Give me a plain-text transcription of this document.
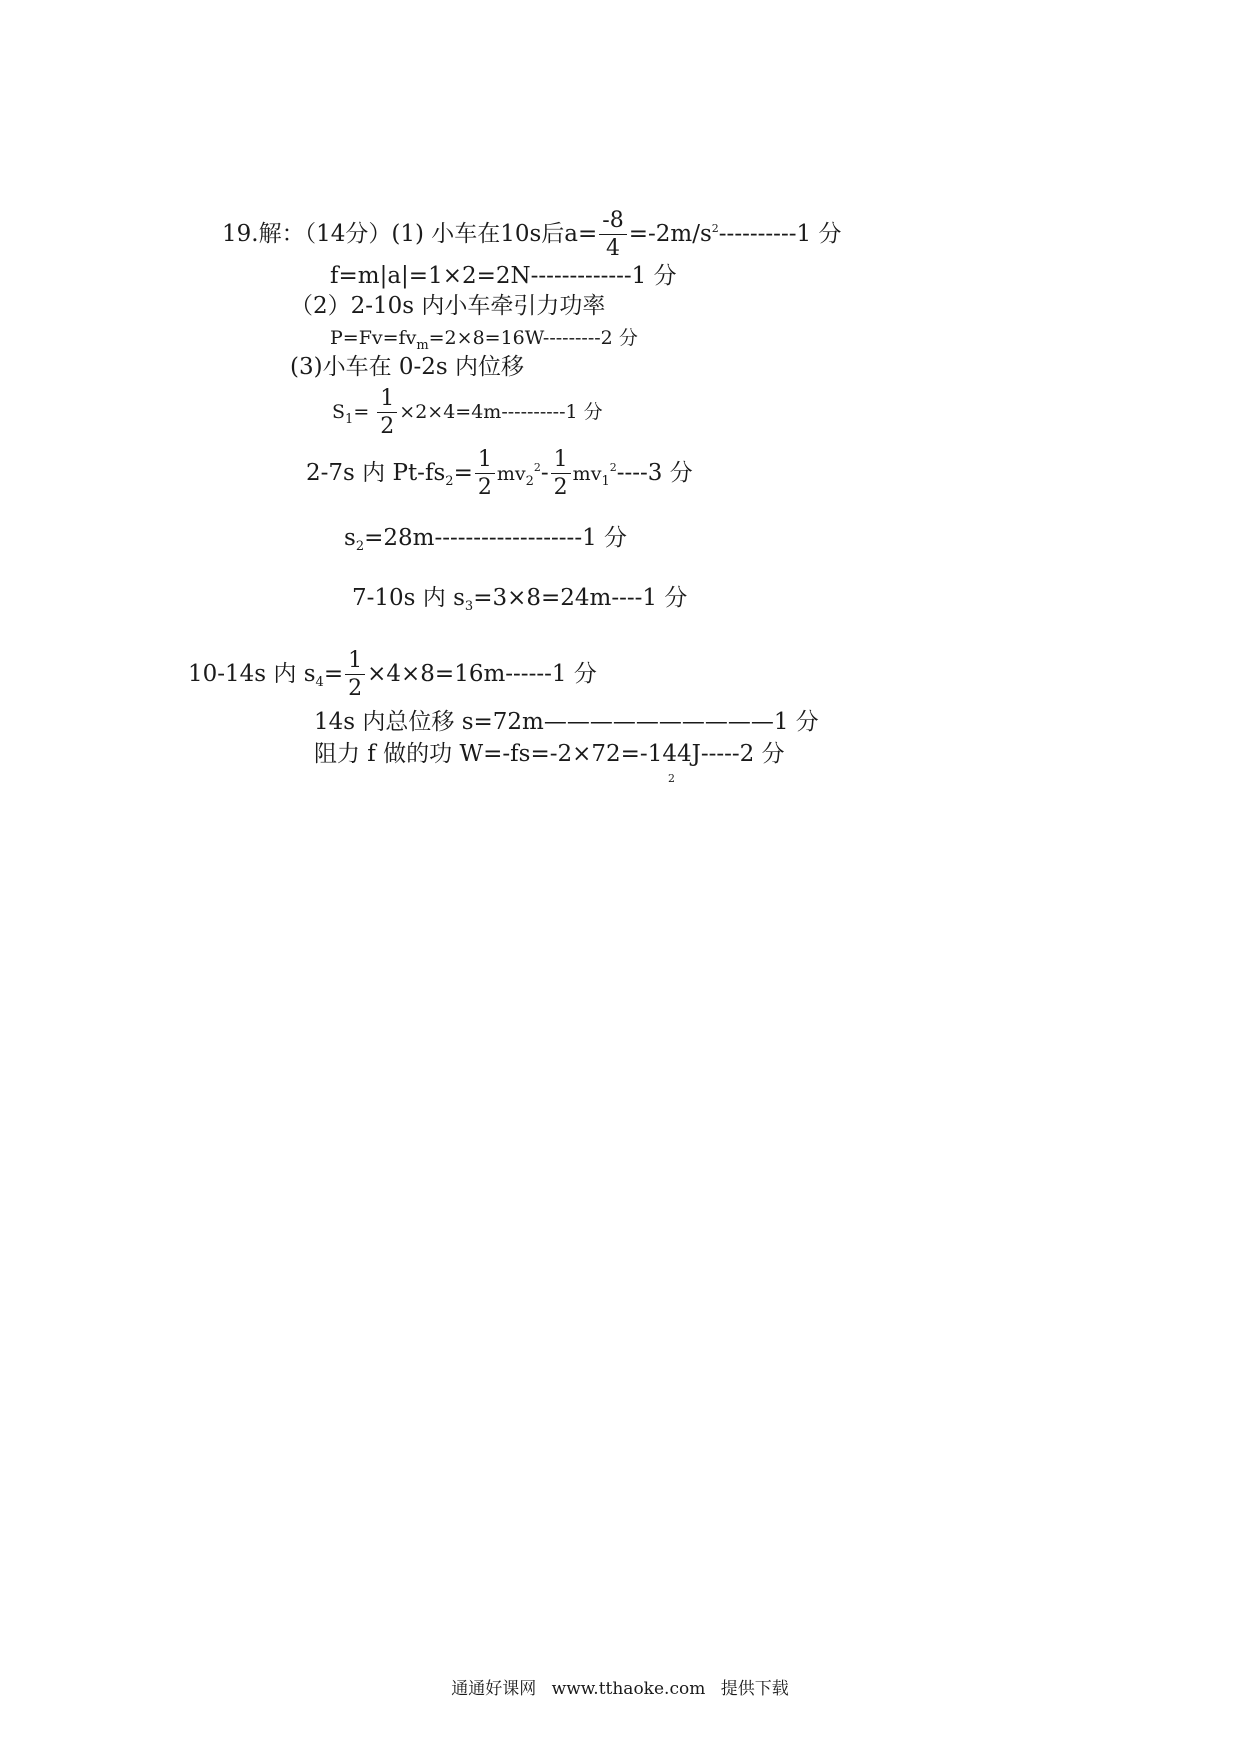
19.解：（14分）(1) 小车在10s后$a= \frac{-8}{4} =-2m/s^2----------1$ 分
f=m|a|=1×2=2N-------------1 分
（2）2-10s 内小车牵引力功率
$P=Fv=fv_m=2\times 8=16W---------2$ 分
(3)小车在 0-2s 内位移
$S_1= \frac{1}{2} \times 2\times 4=4m----------1$ 分
2-7s 内 $Pt-fs_2= \frac{1}{2} mv_2^2- \frac{1}{2} mv_1^2----3$ 分
$s_2=28m-------------------1$ 分
7-10s 内 $s_3=3\times 8=24m----1$ 分
10-14s 内 $s_4= \frac{1}{2} \times 4\times 8=16m------1$ 分
14s 内总位移 s=72m——————————1 分
阻力 f 做的功 W=-fs=-2×72=-144J-----2 分
2
通通好课网 www.tthaoke.com 提供下载
